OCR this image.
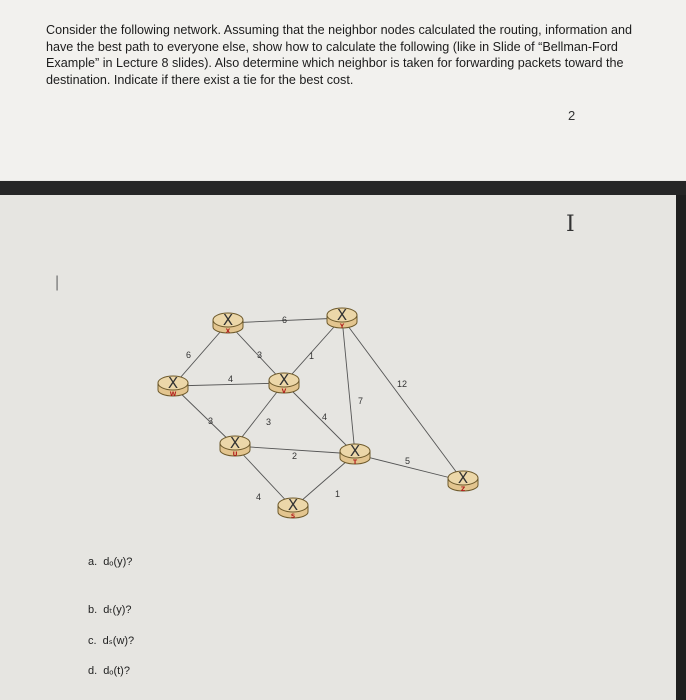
Consider the following network. Assuming that the neighbor nodes calculated the routing, information and have the best path to everyone else, show how to calculate the following (like in Slide of “Bellman-Ford Example” in Lecture 8 slides). Also determine which neighbor is taken for forwarding packets toward the destination. Indicate if there exist a tie for the best cost.

2
I
|
6
6	3	1
4	12
7
3	3	4
2	5
4	1
X
X
X
Y
X
W
X
V
X
U	X
T
X
Z
X
S
a. dₒ(y)?
b. dₜ(y)?
c. dₛ(w)?
d. dₒ(t)?
